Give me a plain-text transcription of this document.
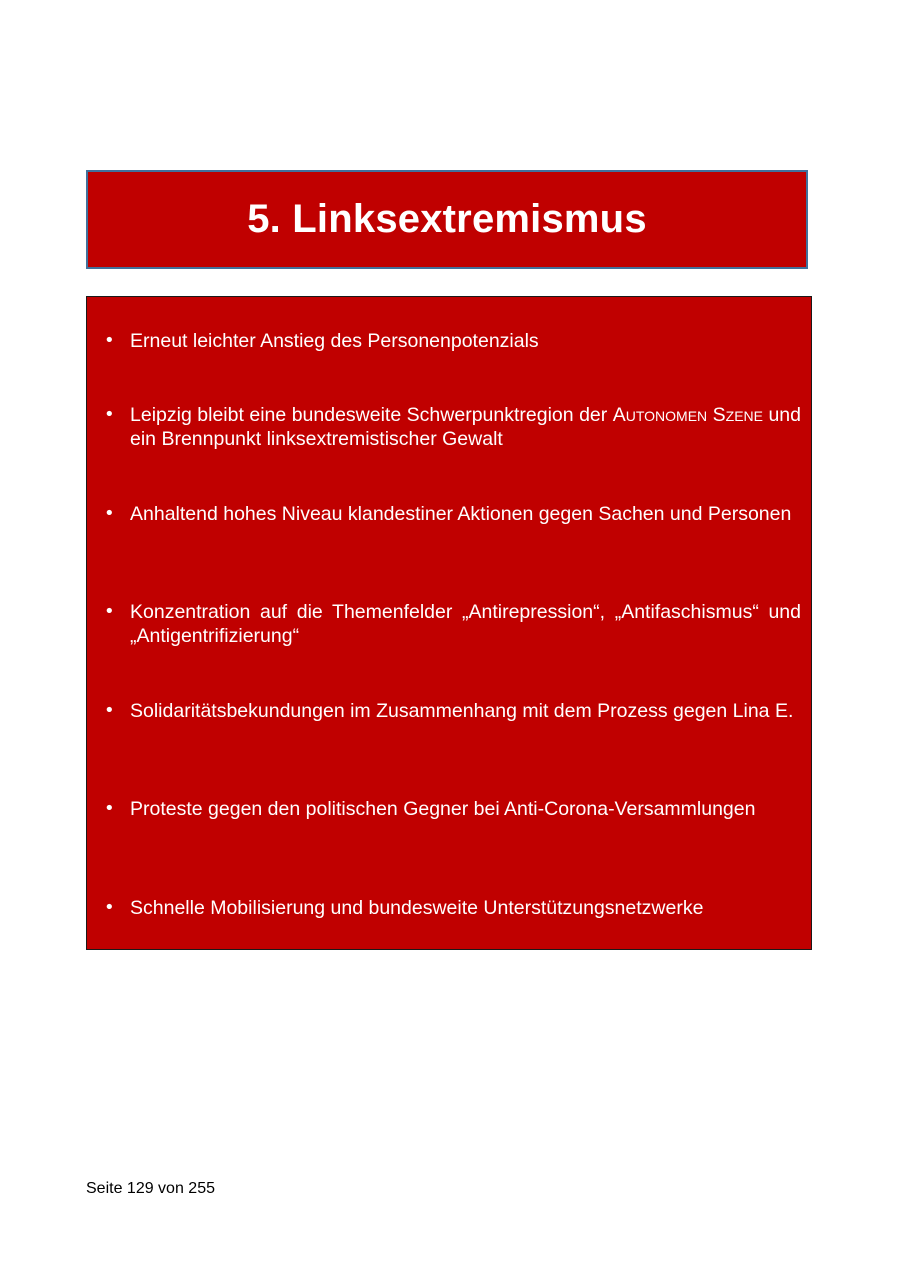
5. Linksextremismus
• Erneut leichter Anstieg des Personenpotenzials

• Leipzig bleibt eine bundesweite Schwerpunktregion der Autonomen Szene und ein Brennpunkt linksextremistischer Gewalt

• Anhaltend hohes Niveau klandestiner Aktionen gegen Sachen und Personen

• Konzentration auf die Themenfelder „Antirepression“, „Antifaschismus“ und „Antigentrifizierung“

• Solidaritätsbekundungen im Zusammenhang mit dem Prozess gegen Lina E.

• Proteste gegen den politischen Gegner bei Anti-Corona-Versammlungen

• Schnelle Mobilisierung und bundesweite Unterstützungsnetzwerke

Seite 129 von 255
